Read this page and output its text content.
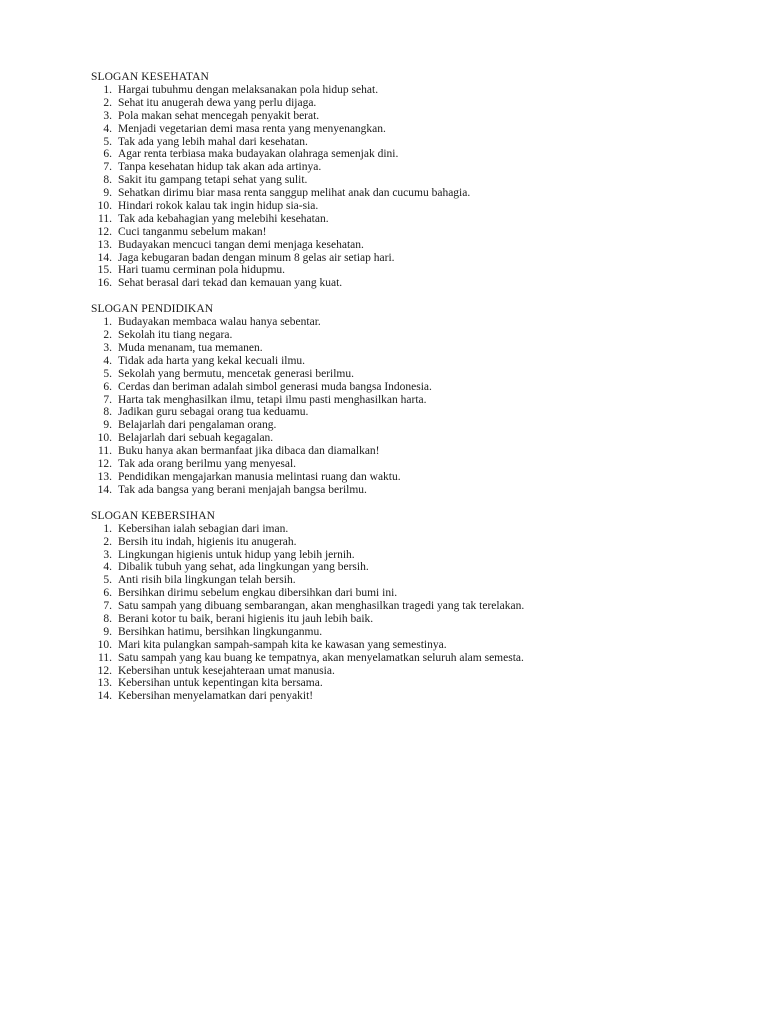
SLOGAN KESEHATAN
1. Hargai tubuhmu dengan melaksanakan pola hidup sehat.
2. Sehat itu anugerah dewa yang perlu dijaga.
3. Pola makan sehat mencegah penyakit berat.
4. Menjadi vegetarian demi masa renta yang menyenangkan.
5. Tak ada yang lebih mahal dari kesehatan.
6. Agar renta terbiasa maka budayakan olahraga semenjak dini.
7. Tanpa kesehatan hidup tak akan ada artinya.
8. Sakit itu gampang tetapi sehat yang sulit.
9. Sehatkan dirimu biar masa renta sanggup melihat anak dan cucumu bahagia.
10. Hindari rokok kalau tak ingin hidup sia-sia.
11. Tak ada kebahagian yang melebihi kesehatan.
12. Cuci tanganmu sebelum makan!
13. Budayakan mencuci tangan demi menjaga kesehatan.
14. Jaga kebugaran badan dengan minum 8 gelas air setiap hari.
15. Hari tuamu cerminan pola hidupmu.
16. Sehat berasal dari tekad dan kemauan yang kuat.
SLOGAN PENDIDIKAN
1. Budayakan membaca walau hanya sebentar.
2. Sekolah itu tiang negara.
3. Muda menanam, tua memanen.
4. Tidak ada harta yang kekal kecuali ilmu.
5. Sekolah yang bermutu, mencetak generasi berilmu.
6. Cerdas dan beriman adalah simbol generasi muda bangsa Indonesia.
7. Harta tak menghasilkan ilmu, tetapi ilmu pasti menghasilkan harta.
8. Jadikan guru sebagai orang tua keduamu.
9. Belajarlah dari pengalaman orang.
10. Belajarlah dari sebuah kegagalan.
11. Buku hanya akan bermanfaat jika dibaca dan diamalkan!
12. Tak ada orang berilmu yang menyesal.
13. Pendidikan mengajarkan manusia melintasi ruang dan waktu.
14. Tak ada bangsa yang berani menjajah bangsa berilmu.
SLOGAN KEBERSIHAN
1. Kebersihan ialah sebagian dari iman.
2. Bersih itu indah, higienis itu anugerah.
3. Lingkungan higienis untuk hidup yang lebih jernih.
4. Dibalik tubuh yang sehat, ada lingkungan yang bersih.
5. Anti risih bila lingkungan telah bersih.
6. Bersihkan dirimu sebelum engkau dibersihkan dari bumi ini.
7. Satu sampah yang dibuang sembarangan, akan menghasilkan tragedi yang tak terelakan.
8. Berani kotor tu baik, berani higienis itu jauh lebih baik.
9. Bersihkan hatimu, bersihkan lingkunganmu.
10. Mari kita pulangkan sampah-sampah kita ke kawasan yang semestinya.
11. Satu sampah yang kau buang ke tempatnya, akan menyelamatkan seluruh alam semesta.
12. Kebersihan untuk kesejahteraan umat manusia.
13. Kebersihan untuk kepentingan kita bersama.
14. Kebersihan menyelamatkan dari penyakit!
